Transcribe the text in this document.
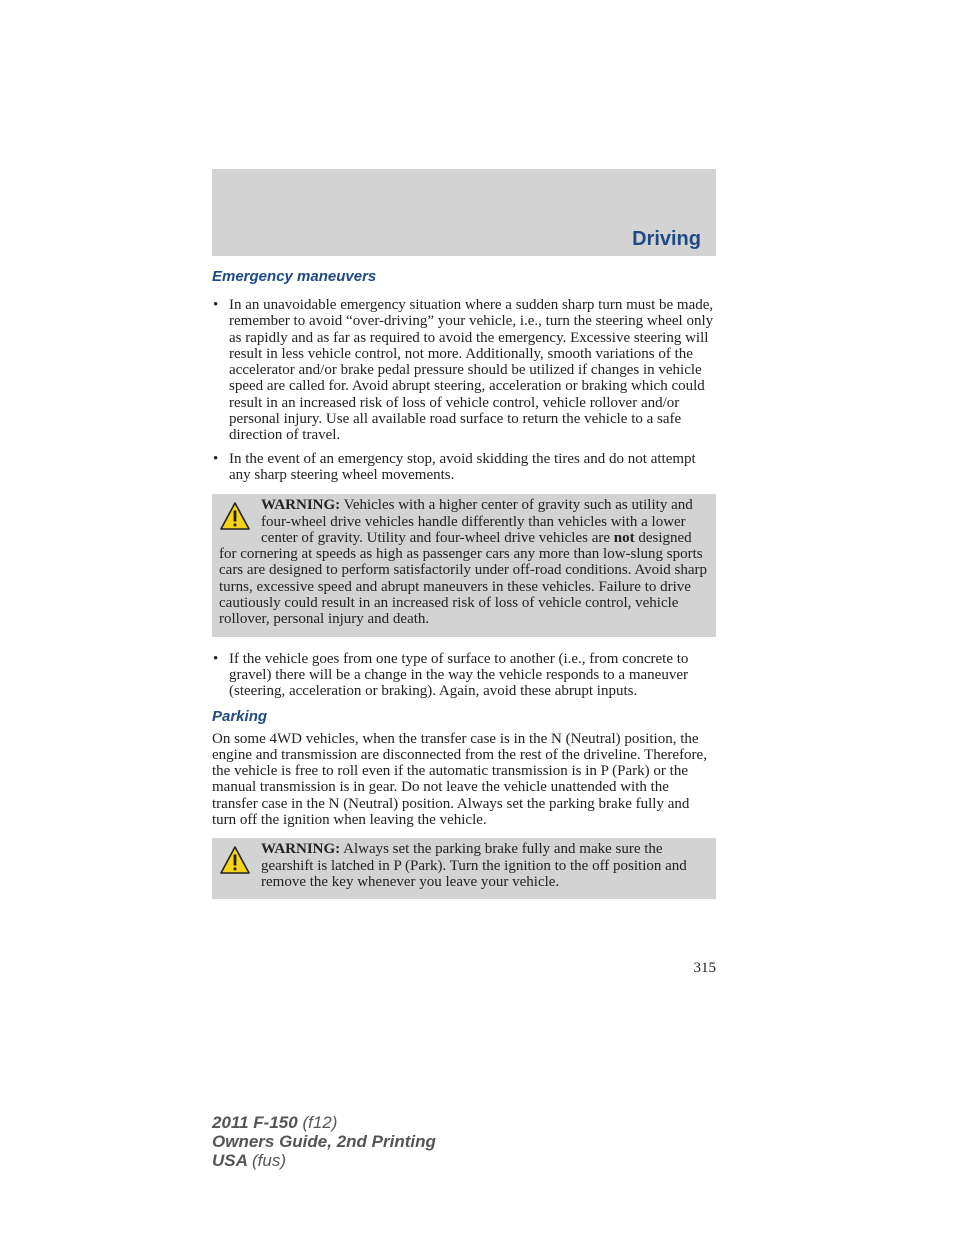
Driving
Emergency maneuvers
• In an unavoidable emergency situation where a sudden sharp turn must be made, remember to avoid “over-driving” your vehicle, i.e., turn the steering wheel only as rapidly and as far as required to avoid the emergency. Excessive steering will result in less vehicle control, not more. Additionally, smooth variations of the accelerator and/or brake pedal pressure should be utilized if changes in vehicle speed are called for. Avoid abrupt steering, acceleration or braking which could result in an increased risk of loss of vehicle control, vehicle rollover and/or personal injury. Use all available road surface to return the vehicle to a safe direction of travel.
• In the event of an emergency stop, avoid skidding the tires and do not attempt any sharp steering wheel movements.
WARNING: Vehicles with a higher center of gravity such as utility and four-wheel drive vehicles handle differently than vehicles with a lower center of gravity. Utility and four-wheel drive vehicles are not designed for cornering at speeds as high as passenger cars any more than low-slung sports cars are designed to perform satisfactorily under off-road conditions. Avoid sharp turns, excessive speed and abrupt maneuvers in these vehicles. Failure to drive cautiously could result in an increased risk of loss of vehicle control, vehicle rollover, personal injury and death.
• If the vehicle goes from one type of surface to another (i.e., from concrete to gravel) there will be a change in the way the vehicle responds to a maneuver (steering, acceleration or braking). Again, avoid these abrupt inputs.
Parking
On some 4WD vehicles, when the transfer case is in the N (Neutral) position, the engine and transmission are disconnected from the rest of the driveline. Therefore, the vehicle is free to roll even if the automatic transmission is in P (Park) or the manual transmission is in gear. Do not leave the vehicle unattended with the transfer case in the N (Neutral) position. Always set the parking brake fully and turn off the ignition when leaving the vehicle.
WARNING: Always set the parking brake fully and make sure the gearshift is latched in P (Park). Turn the ignition to the off position and remove the key whenever you leave your vehicle.
315
2011 F-150 (f12)
Owners Guide, 2nd Printing
USA (fus)
